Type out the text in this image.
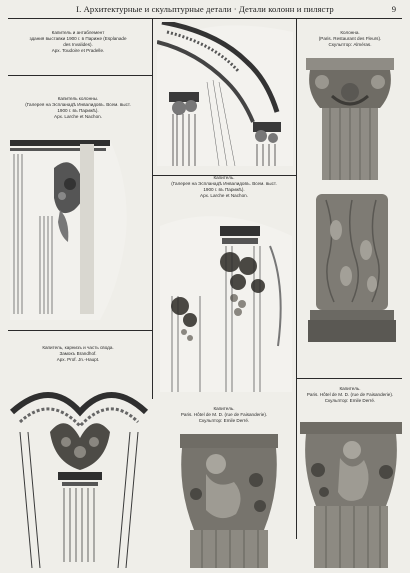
I. Архитектурные и скульптурные детали · Детали колонн и пилястр	9
Капитель и антаблемент
здания выставки 1900 г. в Париже (Esplanade
des Invalides).
Арх. Toudoire et Pradelle.
Капитель колонны.
(Галерея на Эспланадѣ Инвалидовъ. Всем. выст.
1900 г. въ Парижѣ).
Арх. Larche et Nachon.
Колонна.
(Paris. Restaurant des Fleurs).
Скульптор: Alméras.
Капитель.
(Галерея на Эспланадѣ Инвалидовъ. Всем. выст.
1900 г. въ Парижѣ).
Арх. Larche et Nachon.
Капитель, карнизъ и часть свода.
Замокъ Brandhof.
Арх. Prof. Jn.-Haupt.
Капитель.
Paris. Hôtel de M. D. (rue de Faisanderie).
Скульптор: Emile Derré.
Капитель.
Paris. Hôtel de M. D. (rue de Faisanderie).
Скульптор: Emile Derré.
